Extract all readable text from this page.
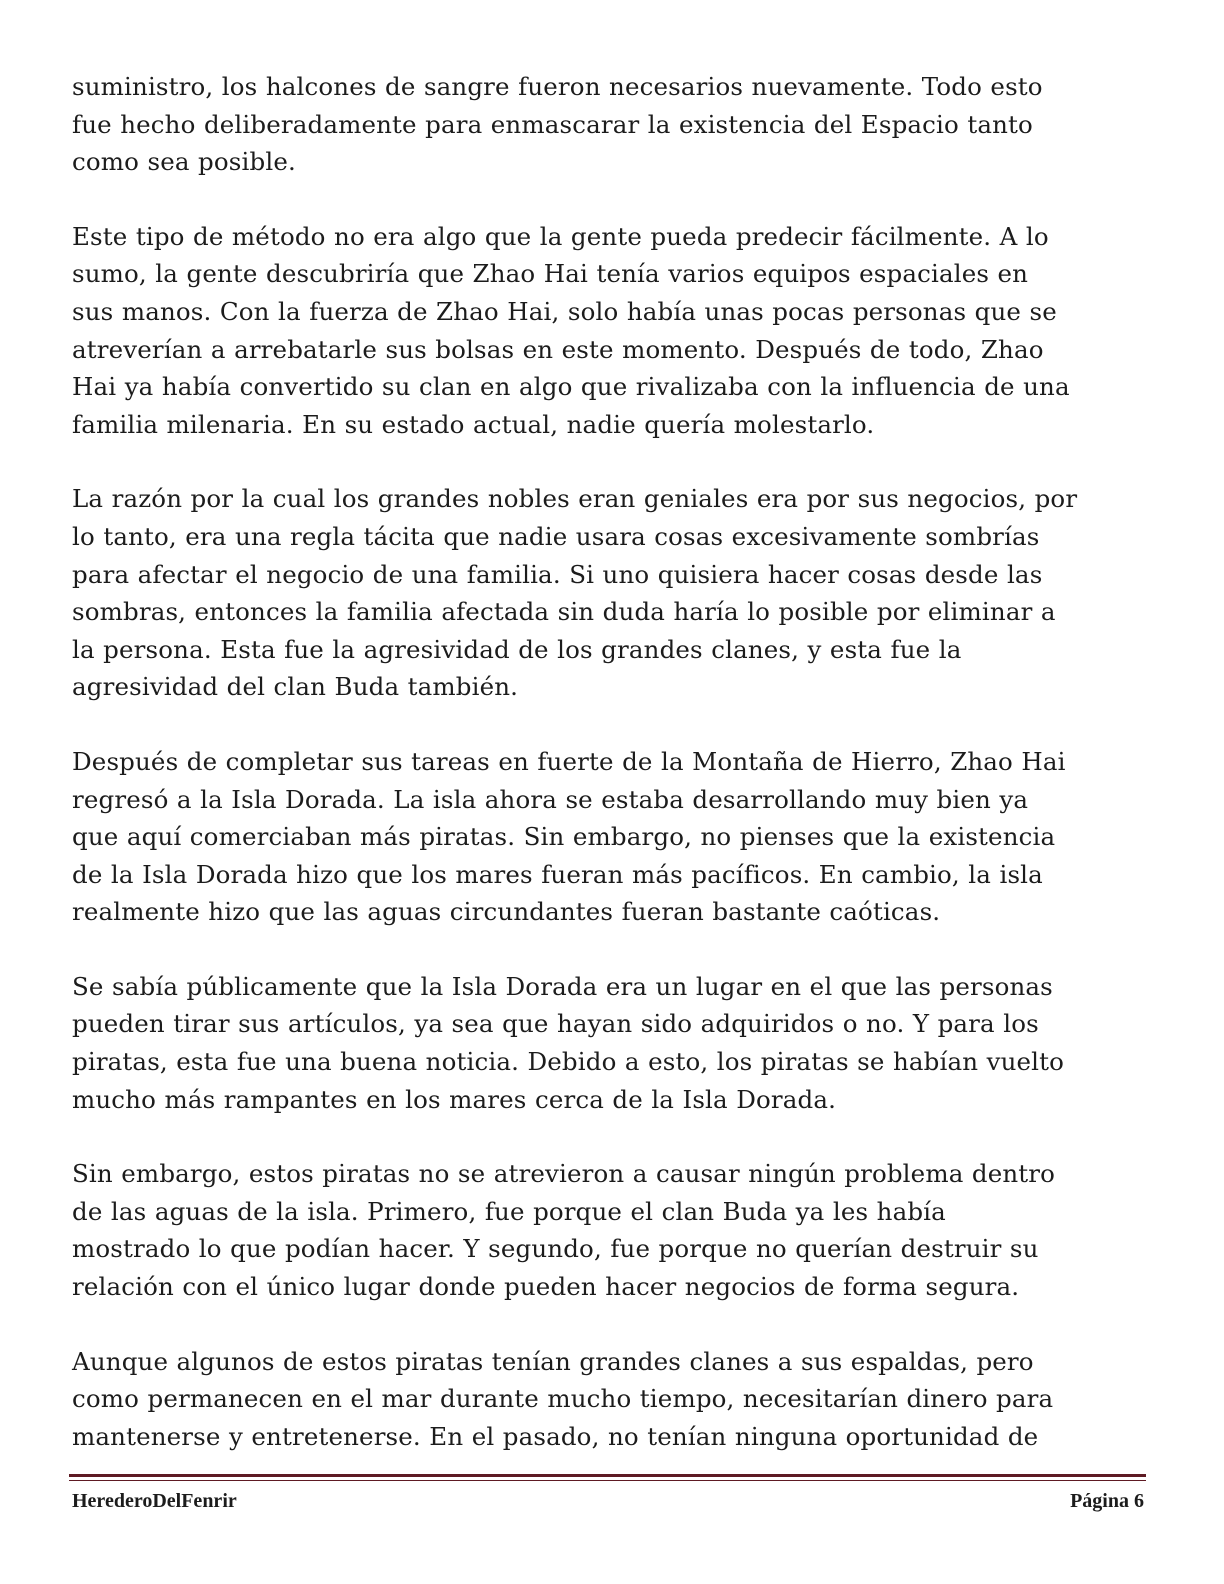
suministro, los halcones de sangre fueron necesarios nuevamente. Todo esto
fue hecho deliberadamente para enmascarar la existencia del Espacio tanto
como sea posible.

Este tipo de método no era algo que la gente pueda predecir fácilmente. A lo
sumo, la gente descubriría que Zhao Hai tenía varios equipos espaciales en
sus manos. Con la fuerza de Zhao Hai, solo había unas pocas personas que se
atreverían a arrebatarle sus bolsas en este momento. Después de todo, Zhao
Hai ya había convertido su clan en algo que rivalizaba con la influencia de una
familia milenaria. En su estado actual, nadie quería molestarlo.

La razón por la cual los grandes nobles eran geniales era por sus negocios, por
lo tanto, era una regla tácita que nadie usara cosas excesivamente sombrías
para afectar el negocio de una familia. Si uno quisiera hacer cosas desde las
sombras, entonces la familia afectada sin duda haría lo posible por eliminar a
la persona. Esta fue la agresividad de los grandes clanes, y esta fue la
agresividad del clan Buda también.

Después de completar sus tareas en fuerte de la Montaña de Hierro, Zhao Hai
regresó a la Isla Dorada. La isla ahora se estaba desarrollando muy bien ya
que aquí comerciaban más piratas. Sin embargo, no pienses que la existencia
de la Isla Dorada hizo que los mares fueran más pacíficos. En cambio, la isla
realmente hizo que las aguas circundantes fueran bastante caóticas.

Se sabía públicamente que la Isla Dorada era un lugar en el que las personas
pueden tirar sus artículos, ya sea que hayan sido adquiridos o no. Y para los
piratas, esta fue una buena noticia. Debido a esto, los piratas se habían vuelto
mucho más rampantes en los mares cerca de la Isla Dorada.

Sin embargo, estos piratas no se atrevieron a causar ningún problema dentro
de las aguas de la isla. Primero, fue porque el clan Buda ya les había
mostrado lo que podían hacer. Y segundo, fue porque no querían destruir su
relación con el único lugar donde pueden hacer negocios de forma segura.

Aunque algunos de estos piratas tenían grandes clanes a sus espaldas, pero
como permanecen en el mar durante mucho tiempo, necesitarían dinero para
mantenerse y entretenerse. En el pasado, no tenían ninguna oportunidad de

HerederoDelFenrir	Página 6
